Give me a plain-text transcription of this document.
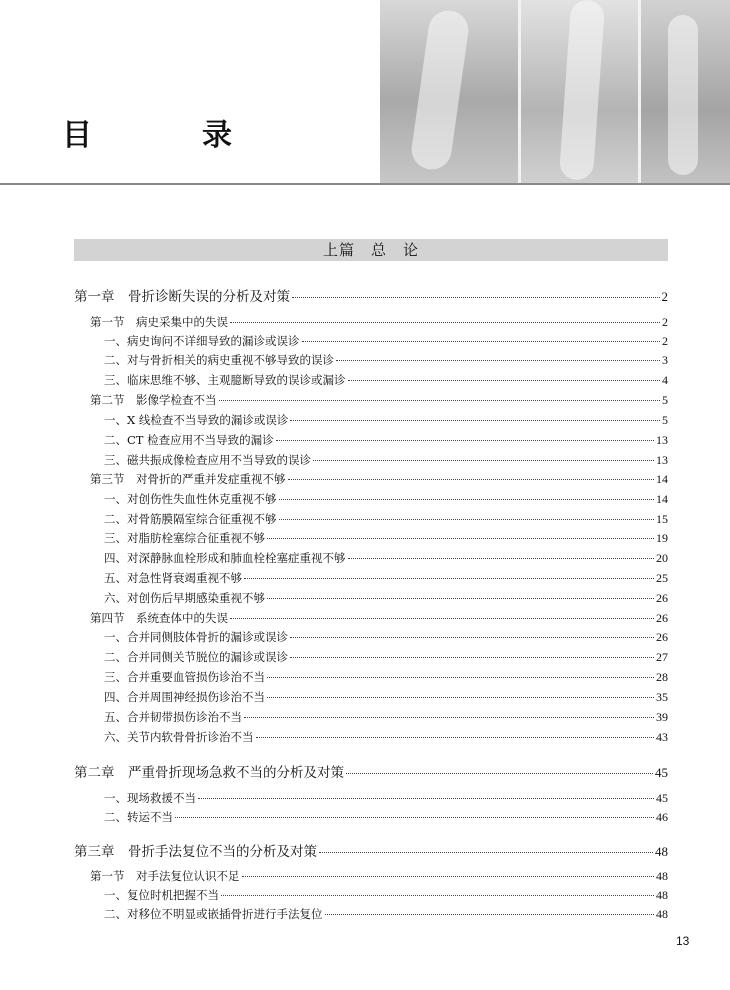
目　录
上篇　总　论
第一章　骨折诊断失误的分析及对策	2
第一节　病史采集中的失误	2
一、病史询问不详细导致的漏诊或误诊	2
二、对与骨折相关的病史重视不够导致的误诊	3
三、临床思维不够、主观臆断导致的误诊或漏诊	4
第二节　影像学检查不当	5
一、X 线检查不当导致的漏诊或误诊	5
二、CT 检查应用不当导致的漏诊	13
三、磁共振成像检查应用不当导致的误诊	13
第三节　对骨折的严重并发症重视不够	14
一、对创伤性失血性休克重视不够	14
二、对骨筋膜隔室综合征重视不够	15
三、对脂肪栓塞综合征重视不够	19
四、对深静脉血栓形成和肺血栓栓塞症重视不够	20
五、对急性肾衰竭重视不够	25
六、对创伤后早期感染重视不够	26
第四节　系统查体中的失误	26
一、合并同侧肢体骨折的漏诊或误诊	26
二、合并同侧关节脱位的漏诊或误诊	27
三、合并重要血管损伤诊治不当	28
四、合并周围神经损伤诊治不当	35
五、合并韧带损伤诊治不当	39
六、关节内软骨骨折诊治不当	43
第二章　严重骨折现场急救不当的分析及对策	45
一、现场救援不当	45
二、转运不当	46
第三章　骨折手法复位不当的分析及对策	48
第一节　对手法复位认识不足	48
一、复位时机把握不当	48
二、对移位不明显或嵌插骨折进行手法复位	48
13
